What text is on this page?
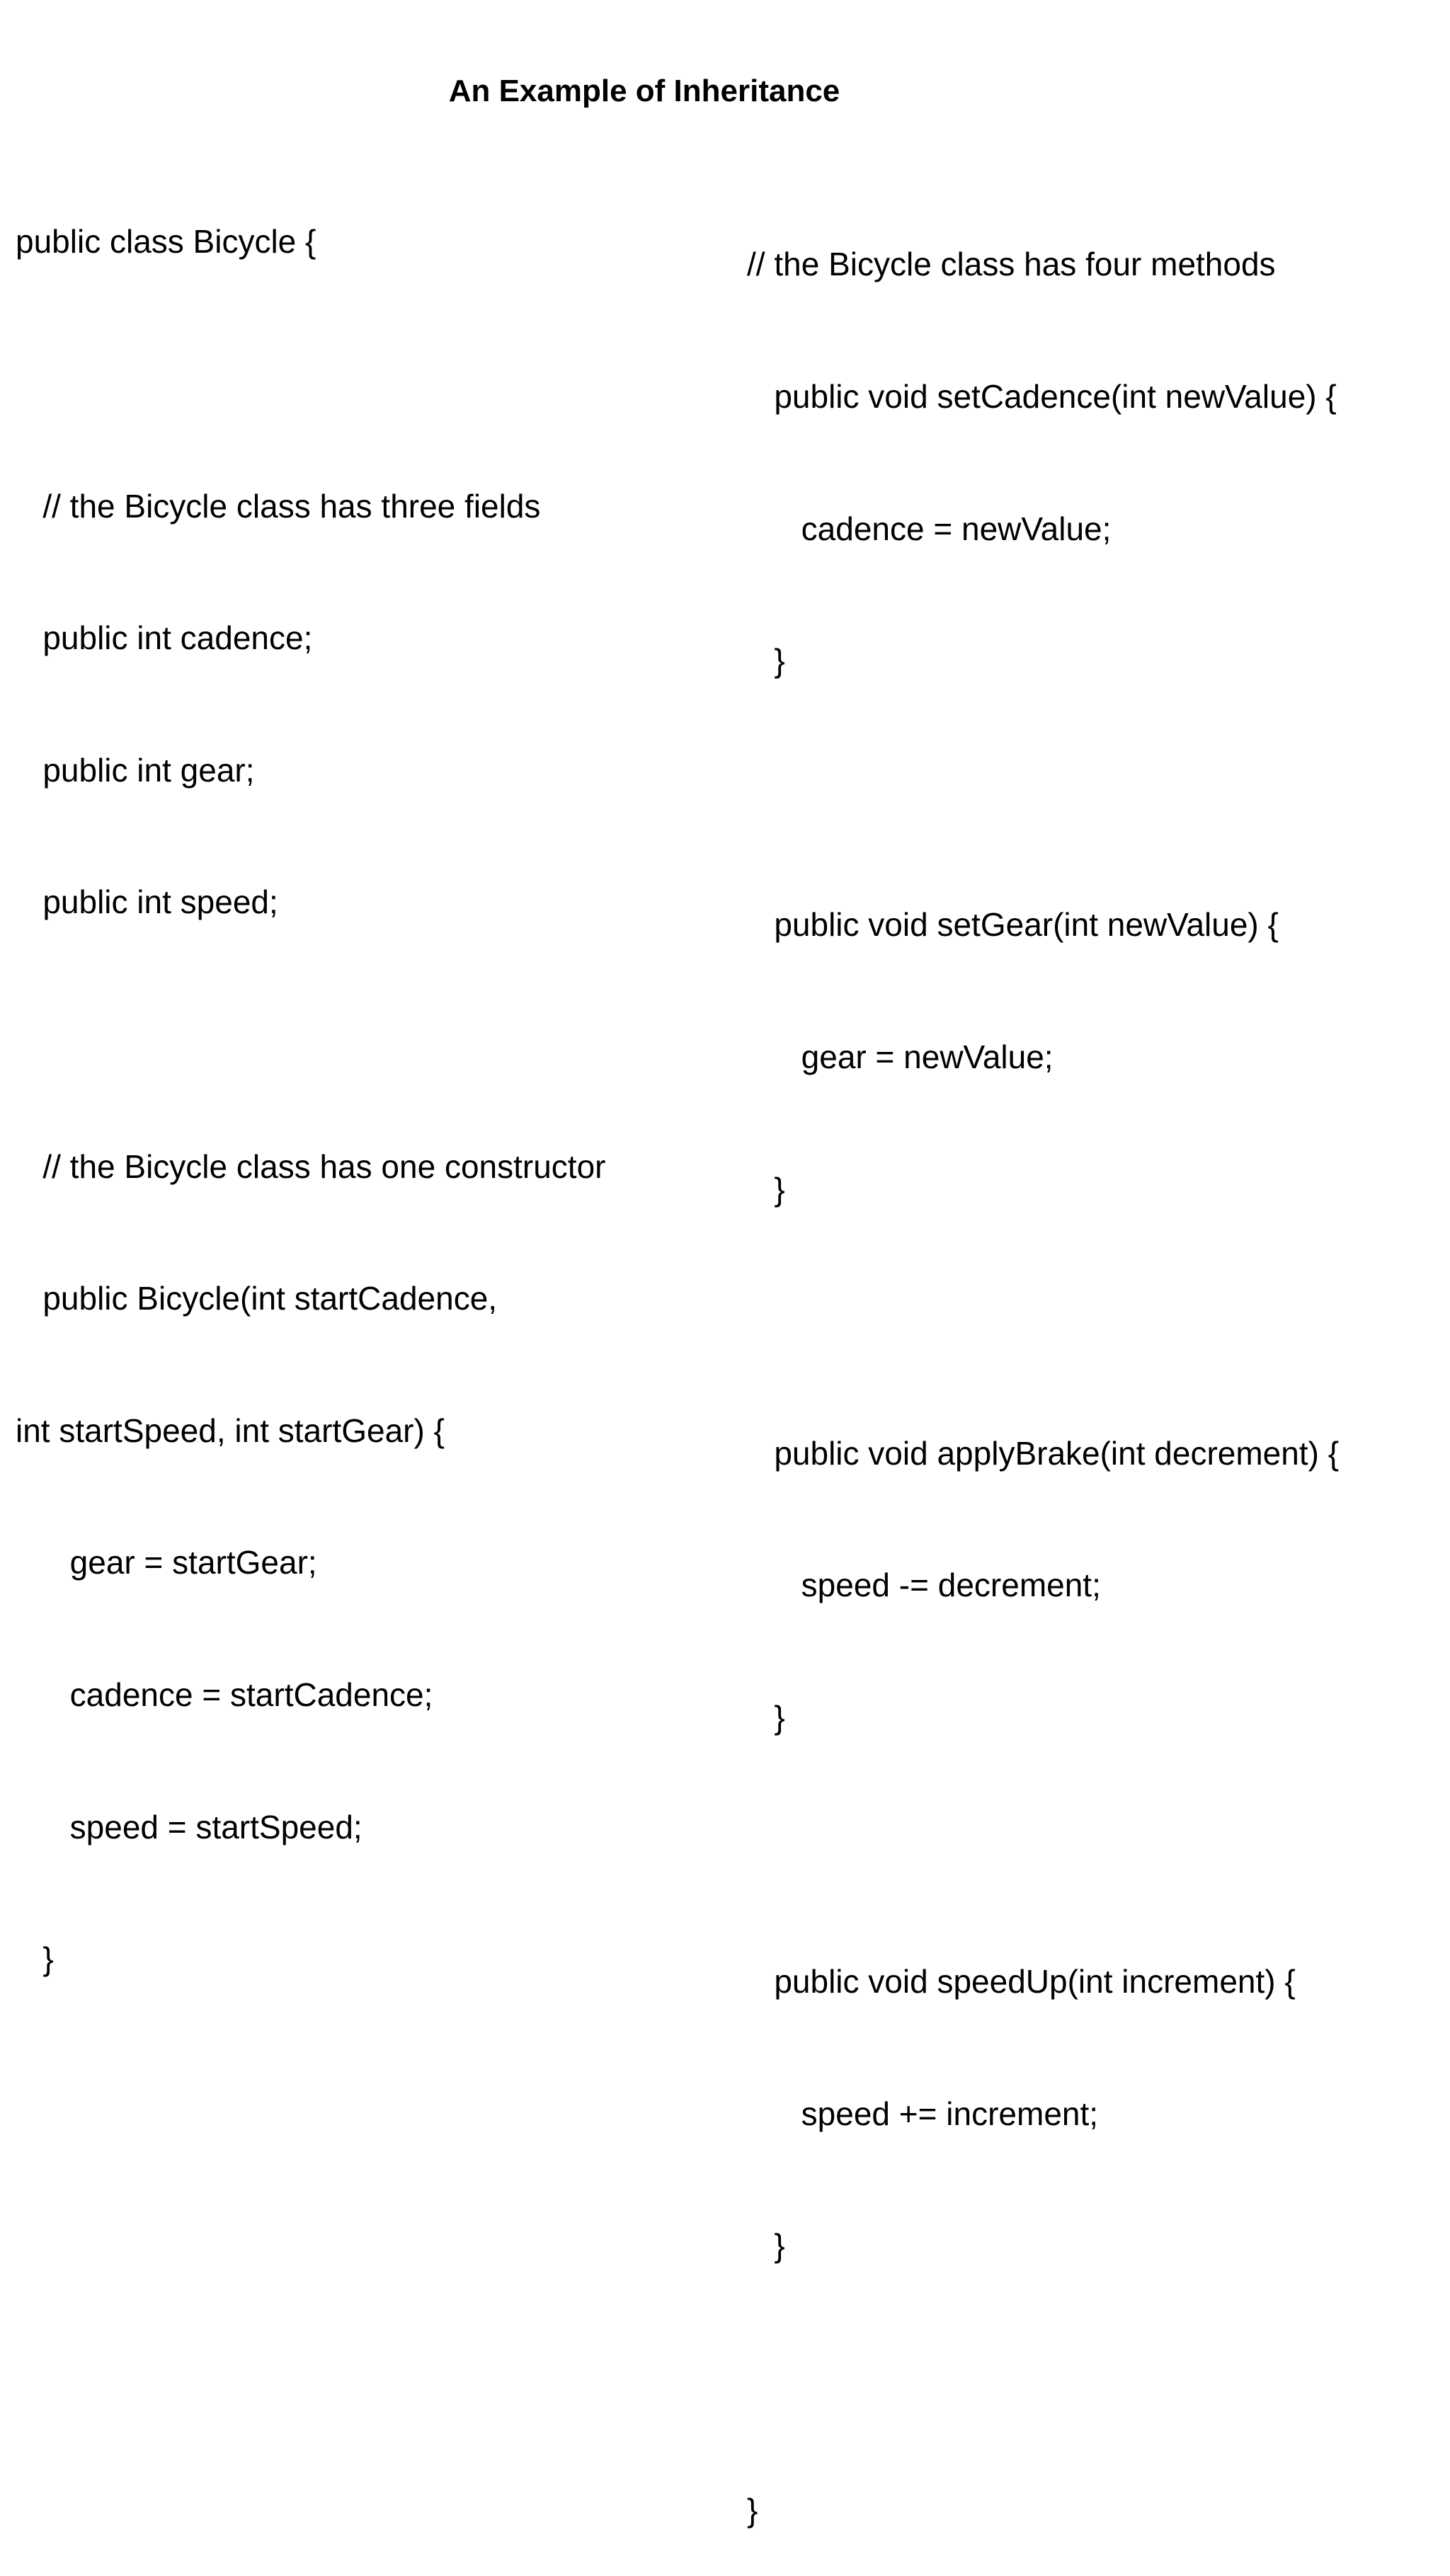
An Example of Inheritance

public class Bicycle {

// the Bicycle class has three fields

public int cadence;

public int gear;

public int speed;

// the Bicycle class has one constructor

public Bicycle(int startCadence,

int startSpeed, int startGear) {

gear = startGear;

cadence = startCadence;

speed = startSpeed;

}

// the Bicycle class has four methods

public void setCadence(int newValue) {

cadence = newValue;

}

public void setGear(int newValue) {

gear = newValue;

}

public void applyBrake(int decrement) {

speed -= decrement;

}

public void speedUp(int increment) {

speed += increment;

}

}
